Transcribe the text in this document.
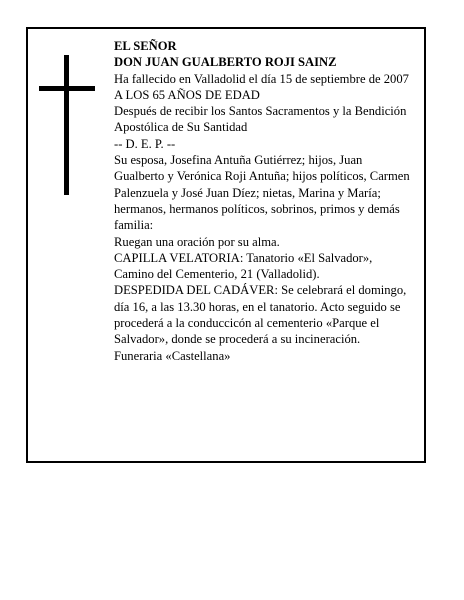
EL SEÑOR

DON JUAN GUALBERTO ROJI SAINZ

Ha fallecido en Valladolid el día 15 de septiembre de 2007

A LOS 65 AÑOS DE EDAD

Después de recibir los Santos Sacramentos y la Bendición Apostólica de Su Santidad

-- D. E. P. --

Su esposa, Josefina Antuña Gutiérrez; hijos, Juan Gualberto y Verónica Roji Antuña; hijos políticos, Carmen Palenzuela y José Juan Díez; nietas, Marina y María; hermanos, hermanos políticos, sobrinos, primos y demás familia:

Ruegan una oración por su alma.

CAPILLA VELATORIA: Tanatorio «El Salvador», Camino del Cementerio, 21 (Valladolid).

DESPEDIDA DEL CADÁVER: Se celebrará el domingo, día 16, a las 13.30 horas, en el tanatorio. Acto seguido se procederá a la conduccicón al cementerio «Parque el Salvador», donde se procederá a su incineración.

Funeraria «Castellana»
